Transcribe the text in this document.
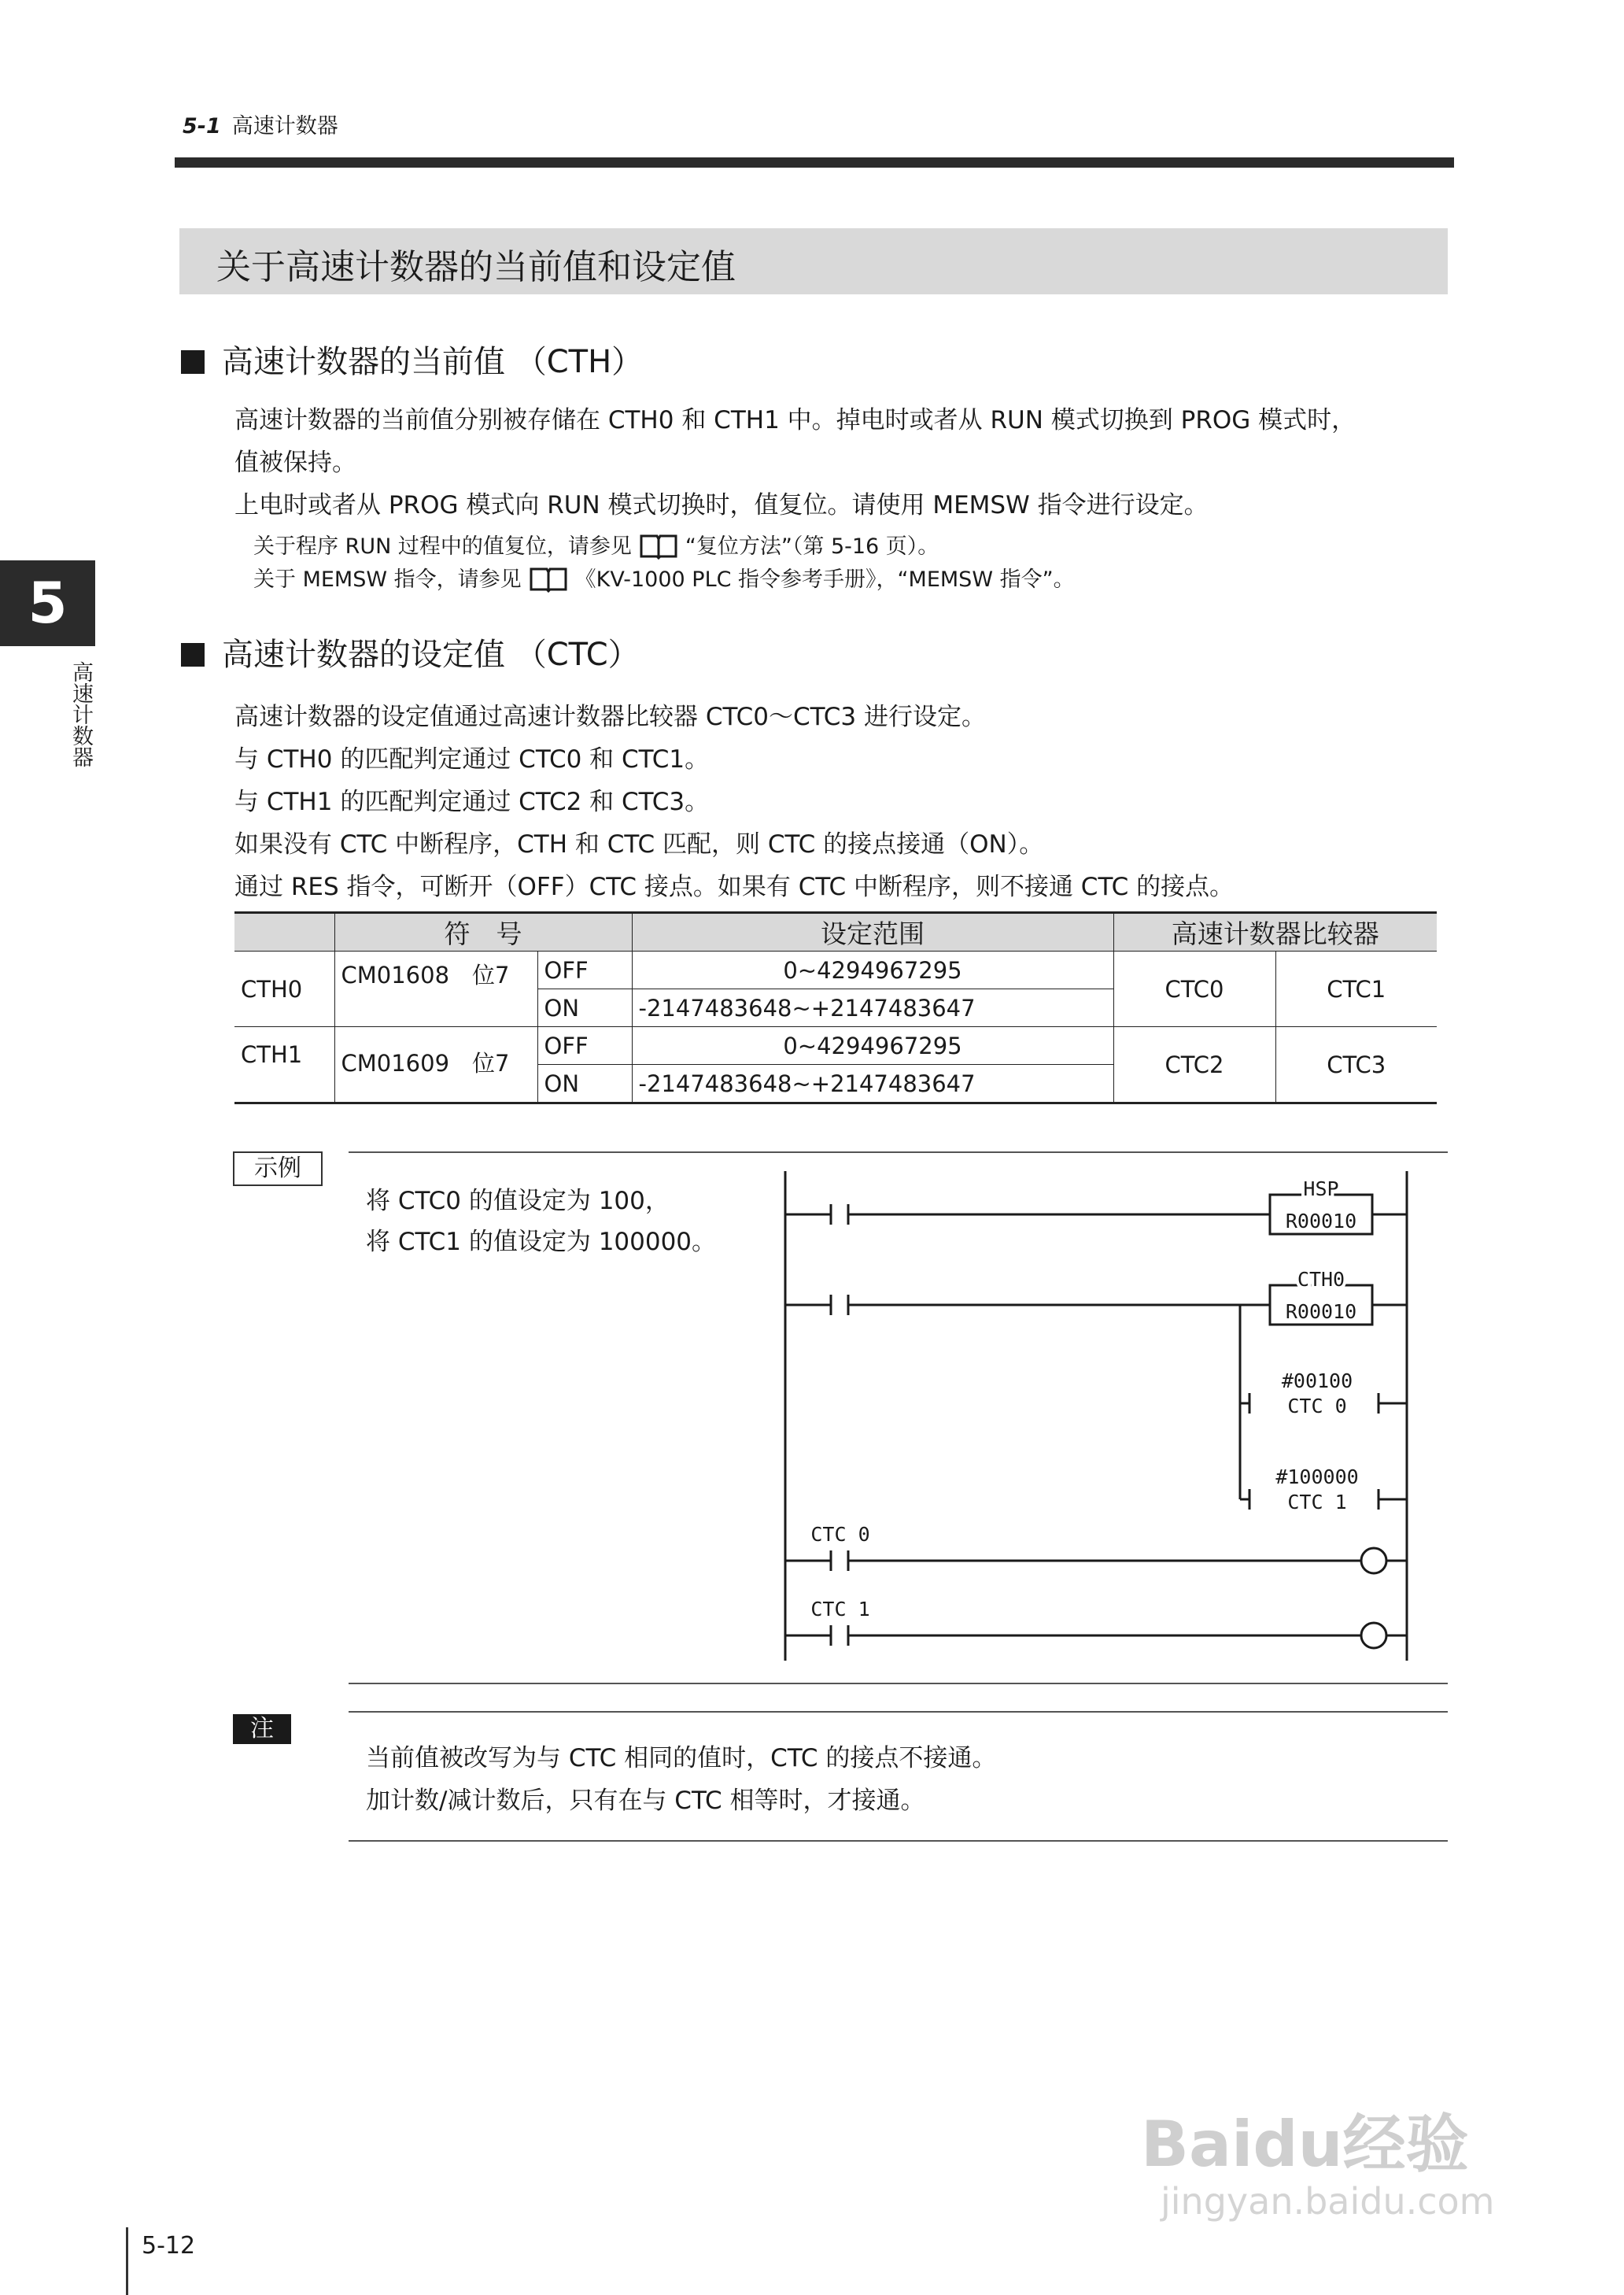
5-1 高速计数器
关于高速计数器的当前值和设定值
5
高速计数器
高速计数器的当前值 （CTH）
高速计数器的当前值分别被存储在 CTH0 和 CTH1 中。掉电时或者从 RUN 模式切换到 PROG 模式时，
值被保持。
上电时或者从 PROG 模式向 RUN 模式切换时，值复位。请使用 MEMSW 指令进行设定。
关于程序 RUN 过程中的值复位，请参见	“复位方法”（第 5-16 页）。
关于 MEMSW 指令，请参见	《KV-1000 PLC 指令参考手册》，“MEMSW 指令”。
高速计数器的设定值 （CTC）
高速计数器的设定值通过高速计数器比较器 CTC0～CTC3 进行设定。
与 CTH0 的匹配判定通过 CTC0 和 CTC1。
与 CTH1 的匹配判定通过 CTC2 和 CTC3。
如果没有 CTC 中断程序，CTH 和 CTC 匹配，则 CTC 的接点接通（ON）。
通过 RES 指令，可断开（OFF）CTC 接点。如果有 CTC 中断程序，则不接通 CTC 的接点。
	符　号		设定范围	高速计数器比较器	
CTH0	CM01608　位7	OFF	0~4294967295	CTC0	CTC1
		ON	-2147483648~+2147483647		
CTH1	CM01609　位7	OFF	0~4294967295	CTC2	CTC3
		ON	-2147483648~+2147483647		
示例
将 CTC0 的值设定为 100，
将 CTC1 的值设定为 100000。
HSP
R00010
CTH0
R00010
#00100
CTC 0
#100000
CTC 1
CTC 0
CTC 1
注
当前值被改写为与 CTC 相同的值时，CTC 的接点不接通。
加计数/减计数后，只有在与 CTC 相等时，才接通。
5-12
Baidu经验
jingyan.baidu.com
